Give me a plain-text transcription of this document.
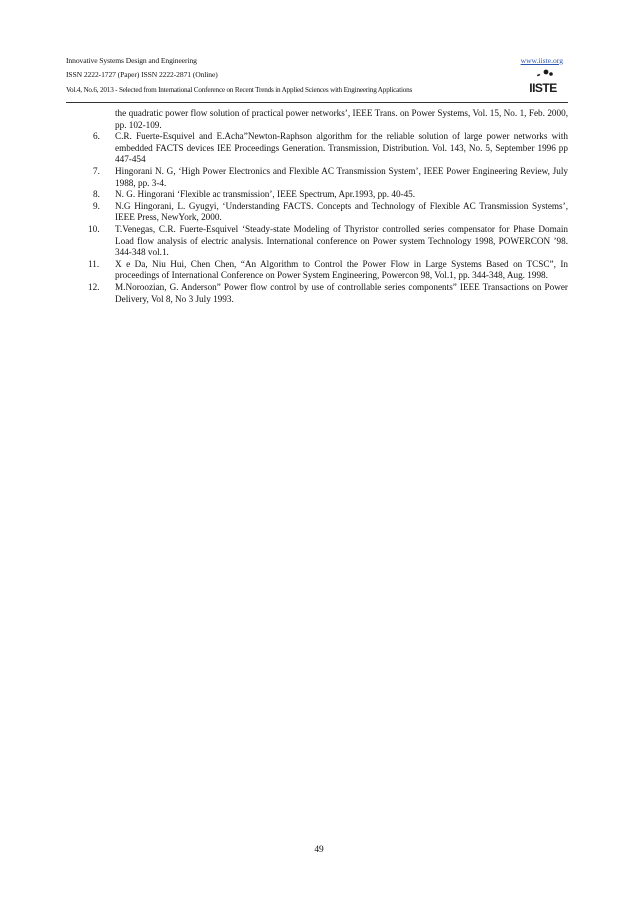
Innovative Systems Design and Engineering
ISSN 2222-1727 (Paper) ISSN 2222-2871 (Online)
Vol.4, No.6, 2013 - Selected from International Conference on Recent Trends in Applied Sciences with Engineering Applications
www.iiste.org
IISTE
the quadratic power flow solution of practical power networks’, IEEE Trans. on Power Systems, Vol. 15, No. 1, Feb. 2000, pp. 102-109.
6. C.R. Fuerte-Esquivel and E.Acha”Newton-Raphson algorithm for the reliable solution of large power networks with embedded FACTS devices IEE Proceedings Generation. Transmission, Distribution. Vol. 143, No. 5, September 1996 pp 447-454
7. Hingorani N. G, ‘High Power Electronics and Flexible AC Transmission System’, IEEE Power Engineering Review, July 1988, pp. 3-4.
8. N. G. Hingorani ‘Flexible ac transmission’, IEEE Spectrum, Apr.1993, pp. 40-45.
9. N.G Hingorani, L. Gyugyi, ‘Understanding FACTS. Concepts and Technology of Flexible AC Transmission Systems’, IEEE Press, NewYork, 2000.
10. T.Venegas, C.R. Fuerte-Esquivel ‘Steady-state Modeling of Thyristor controlled series compensator for Phase Domain Load flow analysis of electric analysis. International conference on Power system Technology 1998, POWERCON ’98. 344-348 vol.1.
11. X e Da, Niu Hui, Chen Chen, “An Algorithm to Control the Power Flow in Large Systems Based on TCSC”, In proceedings of International Conference on Power System Engineering, Powercon 98, Vol.1, pp. 344-348, Aug. 1998.
12. M.Noroozian, G. Anderson” Power flow control by use of controllable series components” IEEE Transactions on Power Delivery, Vol 8, No 3 July 1993.
49
